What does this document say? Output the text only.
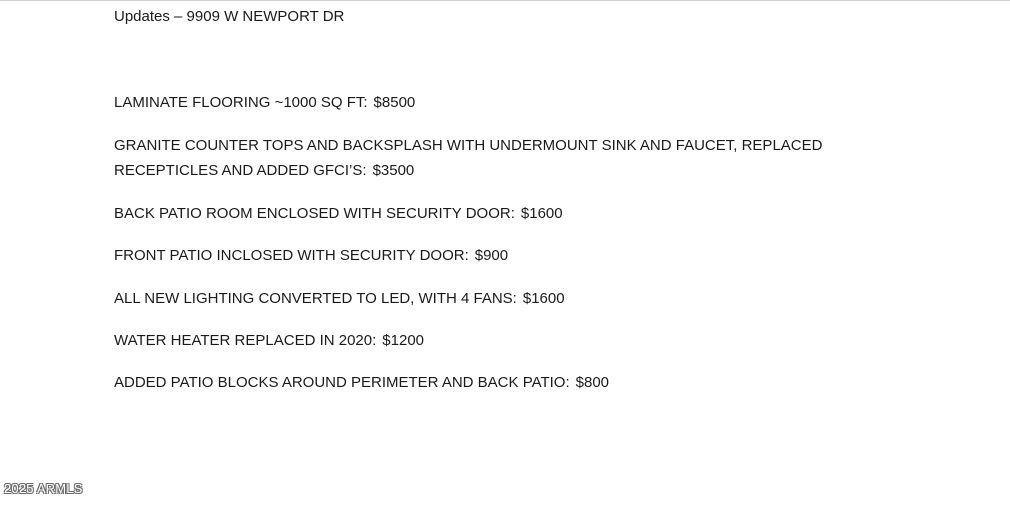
Updates – 9909 W NEWPORT DR
LAMINATE FLOORING ~1000 SQ FT: $8500
GRANITE COUNTER TOPS AND BACKSPLASH WITH UNDERMOUNT SINK AND FAUCET, REPLACED
RECEPTICLES AND ADDED GFCI’S: $3500
BACK PATIO ROOM ENCLOSED WITH SECURITY DOOR: $1600
FRONT PATIO INCLOSED WITH SECURITY DOOR: $900
ALL NEW LIGHTING CONVERTED TO LED, WITH 4 FANS: $1600
WATER HEATER REPLACED IN 2020: $1200
ADDED PATIO BLOCKS AROUND PERIMETER AND BACK PATIO: $800
2025 ARMLS
